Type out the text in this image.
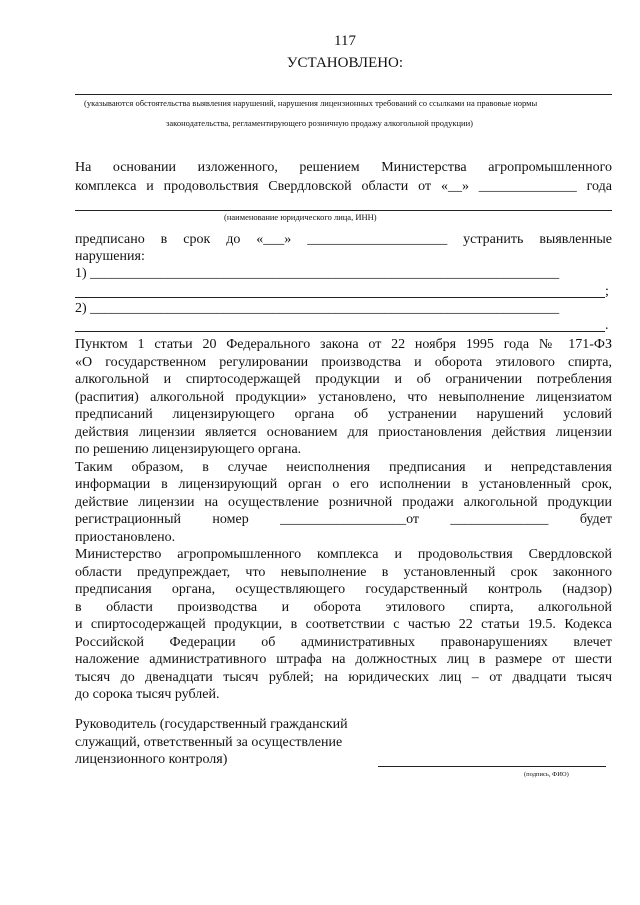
117
УСТАНОВЛЕНО:
(указываются обстоятельства выявления нарушений, нарушения лицензионных требований со ссылками на правовые нормы
законодательства, регламентирующего розничную продажу алкогольной продукции)
На основании изложенного, решением Министерства агропромышленного
комплекса и продовольствия Свердловской области от «__» ______________ года
(наименование юридического лица, ИНН)
предписано в срок до «___» ____________________ устранить выявленные
нарушения:
1) ___________________________________________________________________
;
2) ___________________________________________________________________
.
Пунктом 1 статьи 20 Федерального закона от 22 ноября 1995 года № 171-ФЗ
«О государственном регулировании производства и оборота этилового спирта,
алкогольной и спиртосодержащей продукции и об ограничении потребления
(распития) алкогольной продукции» установлено, что невыполнение лицензиатом
предписаний лицензирующего органа об устранении нарушений условий
действия лицензии является основанием для приостановления действия лицензии
по решению лицензирующего органа.
Таким образом, в случае неисполнения предписания и непредставления
информации в лицензирующий орган о его исполнении в установленный срок,
действие лицензии на осуществление розничной продажи алкогольной продукции
регистрационный номер __________________от ______________ будет
приостановлено.
Министерство агропромышленного комплекса и продовольствия Свердловской
области предупреждает, что невыполнение в установленный срок законного
предписания органа, осуществляющего государственный контроль (надзор)
в области производства и оборота этилового спирта, алкогольной
и спиртосодержащей продукции, в соответствии с частью 22 статьи 19.5. Кодекса
Российской Федерации об административных правонарушениях влечет
наложение административного штрафа на должностных лиц в размере от шести
тысяч до двенадцати тысяч рублей; на юридических лиц – от двадцати тысяч
до сорока тысяч рублей.
Руководитель (государственный гражданский
служащий, ответственный за осуществление
лицензионного контроля)
(подпись, ФИО)
